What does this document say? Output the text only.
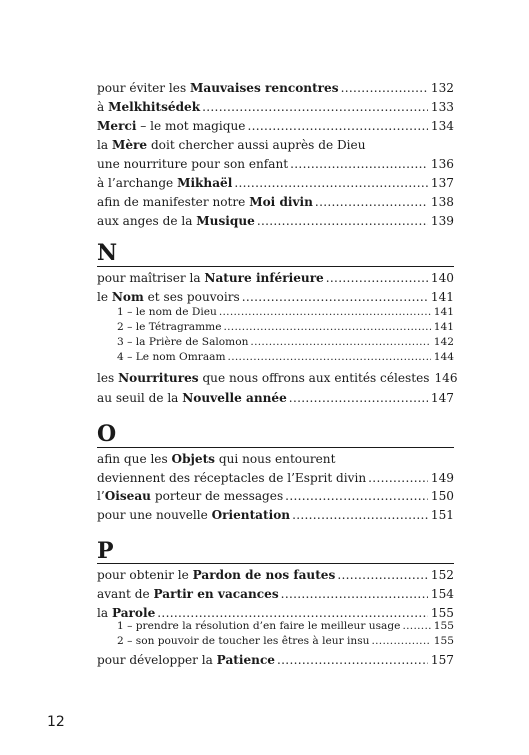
pour éviter les Mauvaises rencontres .....	132
à Melkhitsédek .....	133
Merci – le mot magique .....	134
la Mère doit chercher aussi auprès de Dieu
une nourriture pour son enfant .....	136
à l’archange Mikhaël .....	137
afin de manifester notre Moi divin .....	138
aux anges de la Musique .....	139
N
pour maîtriser la Nature inférieure .....	140
le Nom et ses pouvoirs .....	141
1 – le nom de Dieu .....	141
2 – le Tétragramme .....	141
3 – la Prière de Salomon .....	142
4 – Le nom Omraam .....	144
les Nourritures que nous offrons aux entités célestes 146
au seuil de la Nouvelle année .....	147
O
afin que les Objets qui nous entourent
deviennent des réceptacles de l’Esprit divin .....	149
l’Oiseau porteur de messages .....	150
pour une nouvelle Orientation .....	151
P
pour obtenir le Pardon de nos fautes .....	152
avant de Partir en vacances .....	154
la Parole .....	155
1 – prendre la résolution d’en faire le meilleur usage .....	155
2 – son pouvoir de toucher les êtres à leur insu .....	155
pour développer la Patience .....	157
12
